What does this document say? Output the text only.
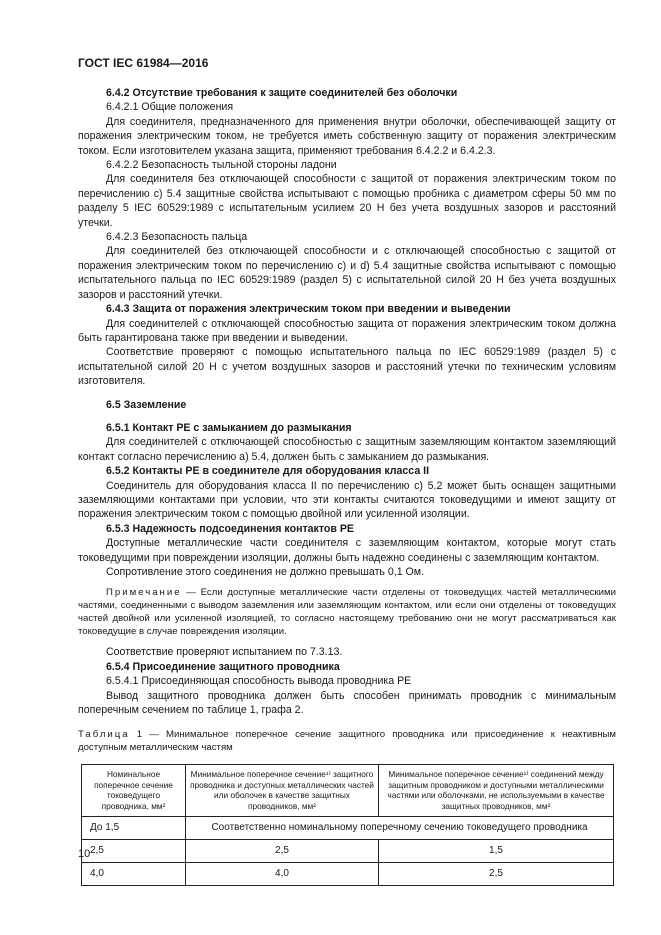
ГОСТ IEC 61984—2016

6.4.2 Отсутствие требования к защите соединителей без оболочки

6.4.2.1 Общие положения

Для соединителя, предназначенного для применения внутри оболочки, обеспечивающей защиту от поражения электрическим током, не требуется иметь собственную защиту от поражения электрическим током. Если изготовителем указана защита, применяют требования 6.4.2.2 и 6.4.2.3.

6.4.2.2 Безопасность тыльной стороны ладони

Для соединителя без отключающей способности с защитой от поражения электрическим током по перечислению с) 5.4 защитные свойства испытывают с помощью пробника с диаметром сферы 50 мм по разделу 5 IEC 60529:1989 с испытательным усилием 20 Н без учета воздушных зазоров и расстояний утечки.

6.4.2.3 Безопасность пальца

Для соединителей без отключающей способности и с отключающей способностью с защитой от поражения электрическим током по перечислению с) и d) 5.4 защитные свойства испытывают с помощью испытательного пальца по IEC 60529:1989 (раздел 5) с испытательной силой 20 Н без учета воздушных зазоров и расстояний утечки.

6.4.3 Защита от поражения электрическим током при введении и выведении

Для соединителей с отключающей способностью защита от поражения электрическим током должна быть гарантирована также при введении и выведении.

Соответствие проверяют с помощью испытательного пальца по IEC 60529:1989 (раздел 5) с испытательной силой 20 Н с учетом воздушных зазоров и расстояний утечки по техническим условиям изготовителя.

6.5 Заземление

6.5.1 Контакт РЕ с замыканием до размыкания

Для соединителей с отключающей способностью с защитным заземляющим контактом заземляющий контакт согласно перечислению а) 5.4, должен быть с замыканием до размыкания.

6.5.2 Контакты РЕ в соединителе для оборудования класса II

Соединитель для оборудования класса II по перечислению с) 5.2 может быть оснащен защитными заземляющими контактами при условии, что эти контакты считаются токоведущими и имеют защиту от поражения электрическим током с помощью двойной или усиленной изоляции.

6.5.3 Надежность подсоединения контактов РЕ

Доступные металлические части соединителя с заземляющим контактом, которые могут стать токоведущими при повреждении изоляции, должны быть надежно соединены с заземляющим контактом.

Сопротивление этого соединения не должно превышать 0,1 Ом.

Примечание — Если доступные металлические части отделены от токоведущих частей металлическими частями, соединенными с выводом заземления или заземляющим контактом, или если они отделены от токоведущих частей двойной или усиленной изоляцией, то согласно настоящему требованию они не могут рассматриваться как токоведущие в случае повреждения изоляции.

Соответствие проверяют испытанием по 7.3.13.

6.5.4 Присоединение защитного проводника

6.5.4.1 Присоединяющая способность вывода проводника РЕ

Вывод защитного проводника должен быть способен принимать проводник с минимальным поперечным сечением по таблице 1, графа 2.

Таблица 1 — Минимальное поперечное сечение защитного проводника или присоединение к неактивным доступным металлическим частям

Номинальное поперечное сечение токоведущего проводника, мм²	Минимальное поперечное сечение¹⁾ защитного проводника и доступных металлических частей или оболочек в качестве защитных проводников, мм²	Минимальное поперечное сечение¹⁾ соединений между защитным проводником и доступными металлическими частями или оболочками, не используемыми в качестве защитных проводников, мм²
До 1,5	Соответственно номинальному поперечному сечению токоведущего проводника	
2,5	2,5	1,5
4,0	4,0	2,5
10
